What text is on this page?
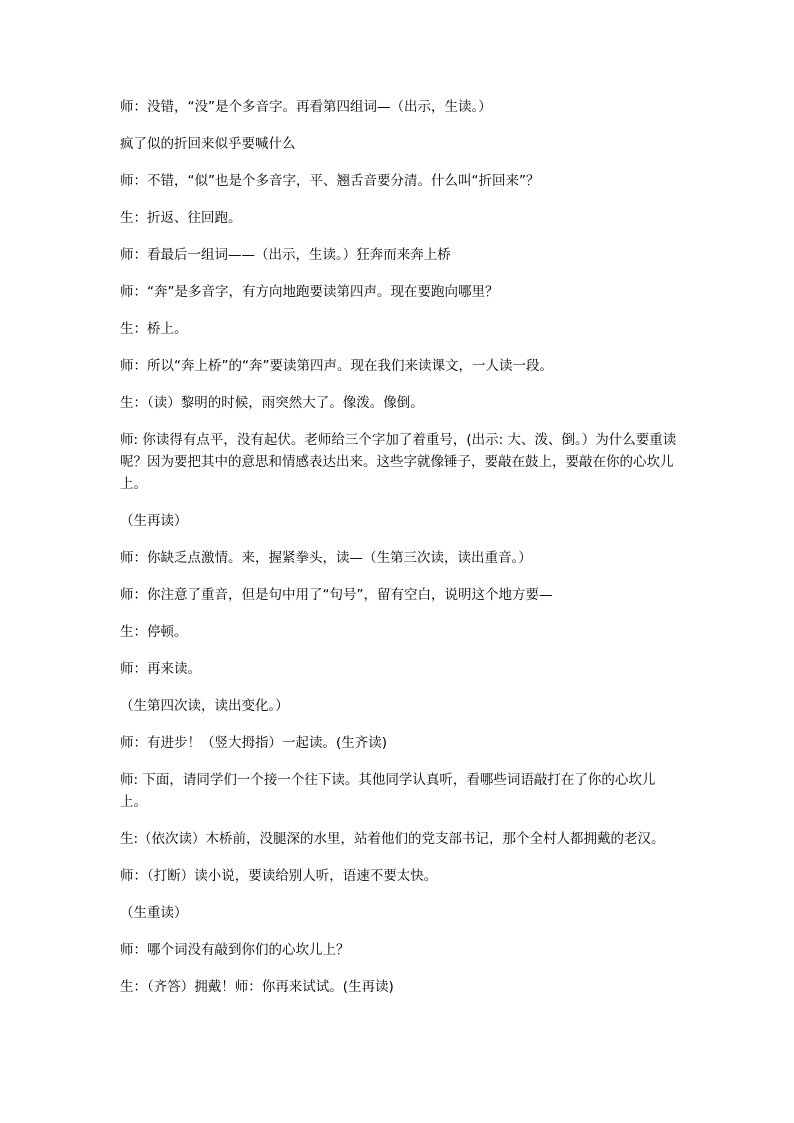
师：没错，“没”是个多音字。再看第四组词—（出示，生读。）

疯了似的折回来似乎要喊什么

师：不错，“似”也是个多音字，平、翘舌音要分清。什么叫“折回来”？

生：折返、往回跑。

师：看最后一组词——（出示，生读。）狂奔而来奔上桥

师：“奔”是多音字，有方向地跑要读第四声。现在要跑向哪里？

生：桥上。

师：所以“奔上桥”的“奔”要读第四声。现在我们来读课文，一人读一段。

生：（读）黎明的时候，雨突然大了。像泼。像倒。

师: 你读得有点平，没有起伏。老师给三个字加了着重号，(出示: 大、泼、倒。）为什么要重读呢？因为要把其中的意思和情感表达出来。这些字就像锤子，要敲在鼓上，要敲在你的心坎儿上。

（生再读）

师：你缺乏点激情。来，握紧拳头，读—（生第三次读，读出重音。）

师：你注意了重音，但是句中用了“句号”，留有空白，说明这个地方要—

生：停顿。

师：再来读。

（生第四次读，读出变化。）

师：有进步！（竖大拇指）一起读。(生齐读)

师: 下面，请同学们一个接一个往下读。其他同学认真听，看哪些词语敲打在了你的心坎儿上。

生:（依次读）木桥前，没腿深的水里，站着他们的党支部书记，那个全村人都拥戴的老汉。

师：（打断）读小说，要读给别人听，语速不要太快。

（生重读）

师：哪个词没有敲到你们的心坎儿上？

生：（齐答）拥戴！师：你再来试试。(生再读)
